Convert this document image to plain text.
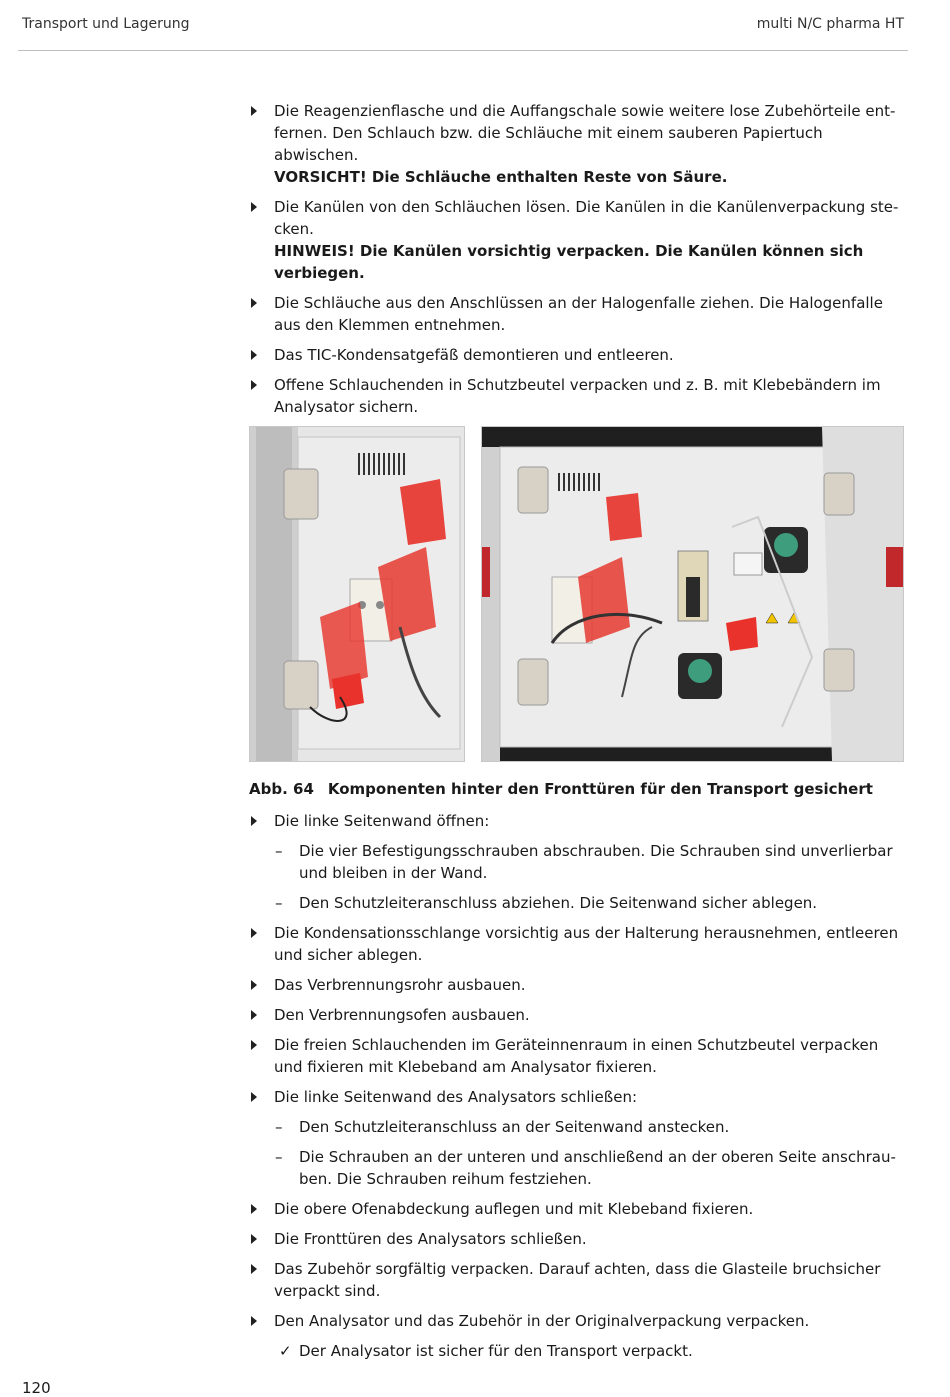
Transport und Lagerung	multi N/C pharma HT
Die Reagenzienflasche und die Auffangschale sowie weitere lose Zubehörteile entfernen. Den Schlauch bzw. die Schläuche mit einem sauberen Papiertuch abwischen.
VORSICHT! Die Schläuche enthalten Reste von Säure.
Die Kanülen von den Schläuchen lösen. Die Kanülen in die Kanülenverpackung stecken.
HINWEIS! Die Kanülen vorsichtig verpacken. Die Kanülen können sich verbiegen.
Die Schläuche aus den Anschlüssen an der Halogenfalle ziehen. Die Halogenfalle aus den Klemmen entnehmen.
Das TIC-Kondensatgefäß demontieren und entleeren.
Offene Schlauchenden in Schutzbeutel verpacken und z. B. mit Klebebändern im Analysator sichern.
Abb. 64 Komponenten hinter den Fronttüren für den Transport gesichert
Die linke Seitenwand öffnen:
– Die vier Befestigungsschrauben abschrauben. Die Schrauben sind unverlierbar und bleiben in der Wand.
– Den Schutzleiteranschluss abziehen. Die Seitenwand sicher ablegen.
Die Kondensationsschlange vorsichtig aus der Halterung herausnehmen, entleeren und sicher ablegen.
Das Verbrennungsrohr ausbauen.
Den Verbrennungsofen ausbauen.
Die freien Schlauchenden im Geräteinnenraum in einen Schutzbeutel verpacken und fixieren mit Klebeband am Analysator fixieren.
Die linke Seitenwand des Analysators schließen:
– Den Schutzleiteranschluss an der Seitenwand anstecken.
– Die Schrauben an der unteren und anschließend an der oberen Seite anschrauben. Die Schrauben reihum festziehen.
Die obere Ofenabdeckung auflegen und mit Klebeband fixieren.
Die Fronttüren des Analysators schließen.
Das Zubehör sorgfältig verpacken. Darauf achten, dass die Glasteile bruchsicher verpackt sind.
Den Analysator und das Zubehör in der Originalverpackung verpacken.
✓ Der Analysator ist sicher für den Transport verpackt.
120
